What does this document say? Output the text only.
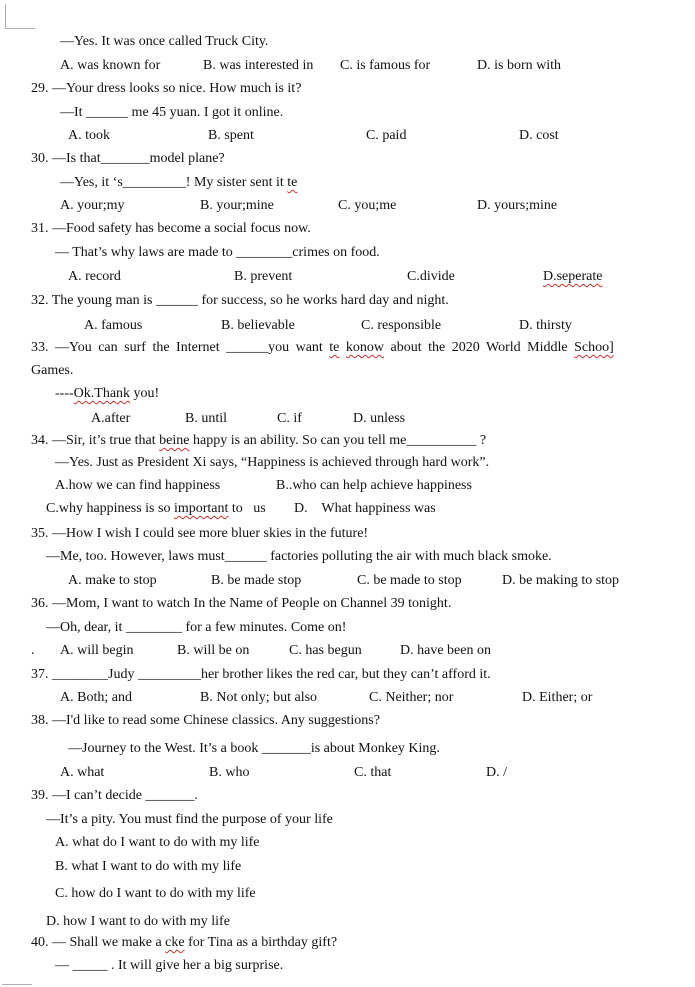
—Yes. It was once called Truck City.
A. was known for	B. was interested in C. is famous for	D. is born with
29. —Your dress looks so nice. How much is it?
—It ______ me 45 yuan. I got it online.
A. took	B. spent	C. paid	D. cost
30. —Is that_______model plane?
—Yes, it ‘s_________! My sister sent it te
A. your;my	B. your;mine	C. you;me	D. yours;mine
31. —Food safety has become a social focus now.
— That’s why laws are made to ________crimes on food.
A. record	B. prevent	C.divide	D.seperate
32. The young man is ______ for success, so he works hard day and night.
A. famous	B. believable	C. responsible	D. thirsty
33. —You can surf the Internet ______you want te konow about the 2020 World Middle Schoo]
Games.
----Ok.Thank you!
A.after	B. until	C. if	D. unless
34. —Sir, it’s true that beine happy is an ability. So can you tell me__________ ?
—Yes. Just as President Xi says, “Happiness is achieved through hard work”.
A.how we can find happiness	B..who can help achieve happiness
C.why happiness is so important to us D.    What happiness was
35. —How I wish I could see more bluer skies in the future!
—Me, too. However, laws must______ factories polluting the air with much black smoke.
A. make to stop	B. be made stop	C. be made to stop	D. be making to stop
36. —Mom, I want to watch In the Name of People on Channel 39 tonight.
—Oh, dear, it ________ for a few minutes. Come on!
. A. will begin	B. will be on	C. has begun	D. have been on
37. ________Judy _________her brother likes the red car, but they can’t afford it.
A. Both; and	B. Not only; but also	C. Neither; nor	D. Either; or
38. —I'd like to read some Chinese classics. Any suggestions?
—Journey to the West. It’s a book _______is about Monkey King.
A. what	B. who	C. that	D. /
39. —I can’t decide _______.
—It’s a pity. You must find the purpose of your life
A. what do I want to do with my life
B. what I want to do with my life
C. how do I want to do with my life
D. how I want to do with my life
40. — Shall we make a cke for Tina as a birthday gift?
— _____ . It will give her a big surprise.
